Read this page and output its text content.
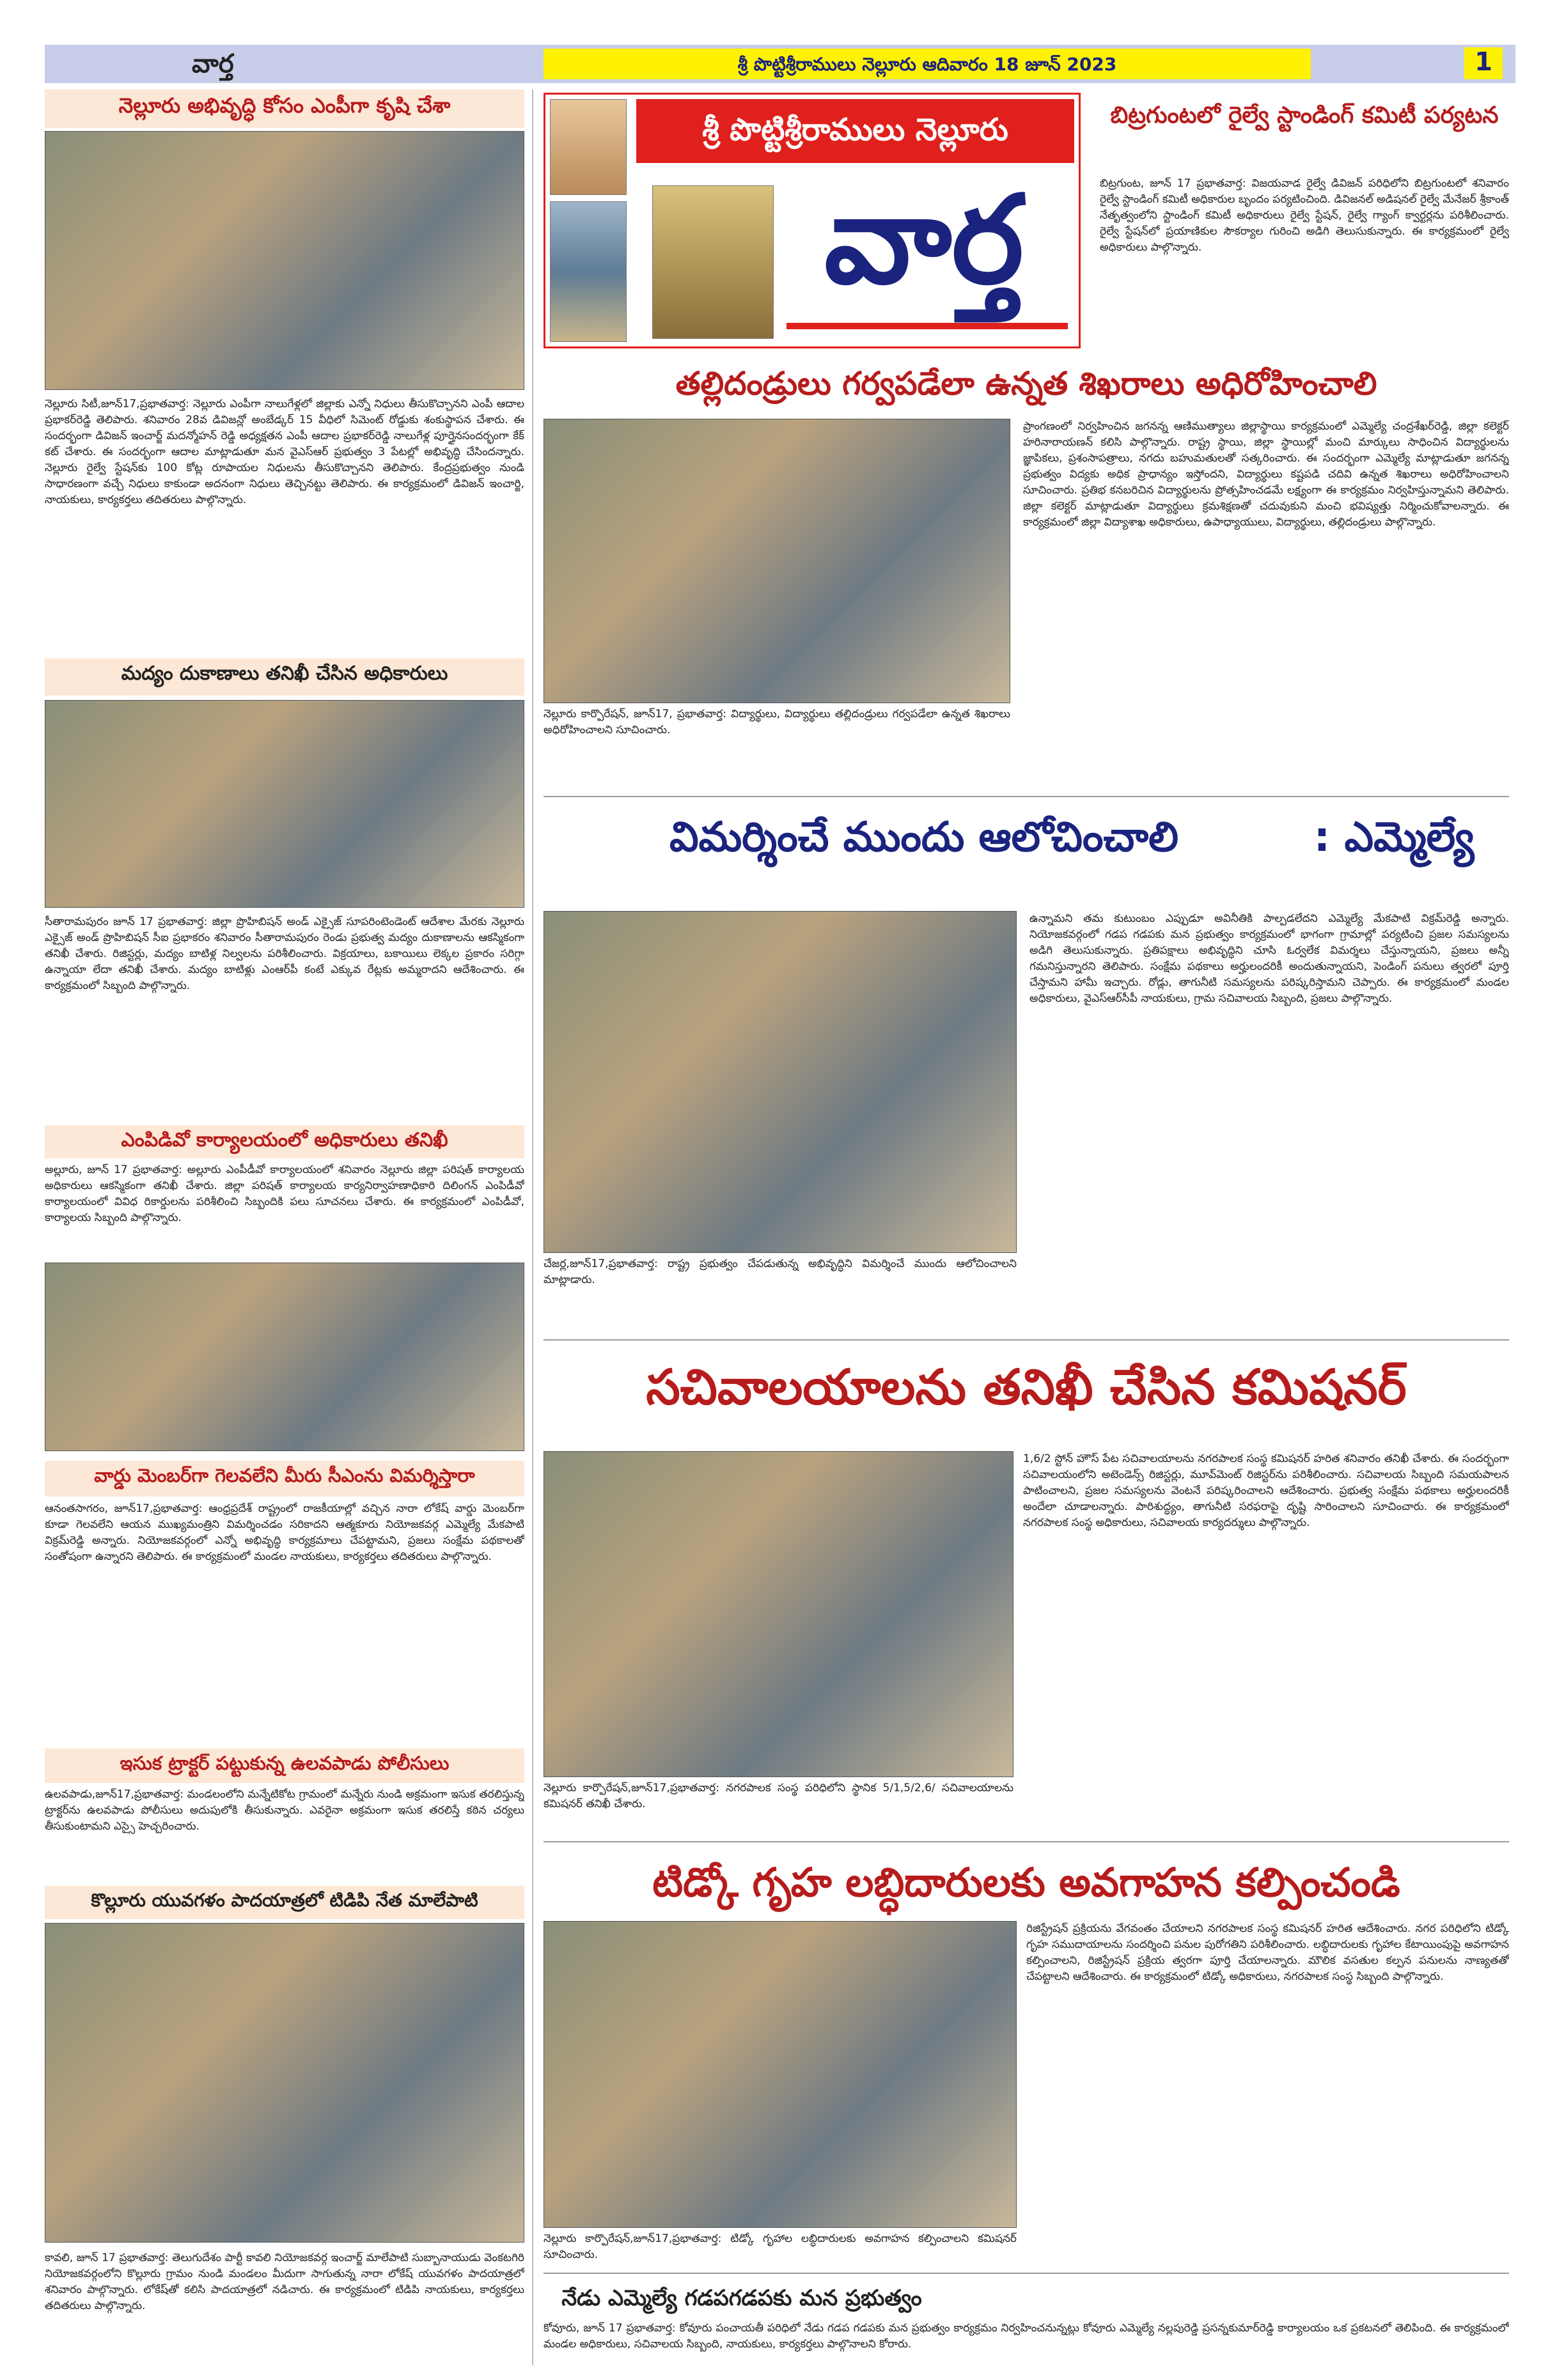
వార్త	శ్రీ పొట్టిశ్రీరాములు నెల్లూరు ఆదివారం 18 జూన్ 2023	1
నెల్లూరు అభివృద్ధి కోసం ఎంపీగా కృషి చేశా
నెల్లూరు సిటీ,జూన్17,ప్రభాతవార్త: నెల్లూరు ఎంపీగా నాలుగేళ్లలో జిల్లాకు ఎన్నో నిధులు తీసుకొచ్చానని ఎంపీ ఆదాల ప్రభాకర్‌రెడ్డి తెలిపారు. శనివారం 28వ డివిజన్లో అంబేడ్కర్ 15 వీధిలో సిమెంట్ రోడ్డుకు శంకుస్థాపన చేశారు. ఈ సందర్భంగా డివిజన్ ఇంచార్జ్ మదన్మోహన్ రెడ్డి అధ్యక్షతన ఎంపీ ఆదాల ప్రభాకర్‌రెడ్డి నాలుగేళ్ల పూర్తైనసందర్భంగా కేక్ కట్ చేశారు. ఈ సందర్భంగా ఆదాల మాట్లాడుతూ మన వైఎస్ఆర్ ప్రభుత్వం 3 పేటల్లో అభివృద్ధి చేసిందన్నారు. నెల్లూరు రైల్వే స్టేషన్‌కు 100 కోట్ల రూపాయల నిధులను తీసుకొచ్చానని తెలిపారు. కేంద్రప్రభుత్వం నుండి సాధారణంగా వచ్చే నిధులు కాకుండా అదనంగా నిధులు తెచ్చినట్టు తెలిపారు. ఈ కార్యక్రమంలో డివిజన్ ఇంచార్జి, నాయకులు, కార్యకర్తలు తదితరులు పాల్గొన్నారు.
మద్యం దుకాణాలు తనిఖీ చేసిన అధికారులు
సీతారామపురం జూన్ 17 ప్రభాతవార్త: జిల్లా ప్రొహిబిషన్ అండ్ ఎక్సైజ్ సూపరింటెండెంట్ ఆదేశాల మేరకు నెల్లూరు ఎక్సైజ్ అండ్ ప్రొహిబిషన్ సీఐ ప్రభాకరం శనివారం సీతారామపురం రెండు ప్రభుత్వ మద్యం దుకాణాలను ఆకస్మికంగా తనిఖీ చేశారు. రిజిస్టర్లు, మద్యం బాటిళ్ల నిల్వలను పరిశీలించారు. విక్రయాలు, బకాయిలు లెక్కల ప్రకారం సరిగ్గా ఉన్నాయా లేదా తనిఖీ చేశారు. మద్యం బాటిళ్లు ఎంఆర్‌పీ కంటే ఎక్కువ రేట్లకు అమ్మరాదని ఆదేశించారు. ఈ కార్యక్రమంలో సిబ్బంది పాల్గొన్నారు.
ఎంపిడివో కార్యాలయంలో అధికారులు తనిఖీ
అల్లూరు, జూన్ 17 ప్రభాతవార్త: అల్లూరు ఎంపీడీవో కార్యాలయంలో శనివారం నెల్లూరు జిల్లా పరిషత్ కార్యాలయ అధికారులు ఆకస్మికంగా తనిఖీ చేశారు. జిల్లా పరిషత్ కార్యాలయ కార్యనిర్వాహణాధికారి దిలింగన్ ఎంపిడీవో కార్యాలయంలో వివిధ రికార్డులను పరిశీలించి సిబ్బందికి పలు సూచనలు చేశారు. ఈ కార్యక్రమంలో ఎంపిడీవో, కార్యాలయ సిబ్బంది పాల్గొన్నారు.
వార్డు మెంబర్‌గా గెలవలేని మీరు సీఎంను విమర్శిస్తారా
ఆనంతసాగరం, జూన్17,ప్రభాతవార్త: ఆంధ్రప్రదేశ్ రాష్ట్రంలో రాజకీయాల్లో వచ్చిన నారా లోకేష్ వార్డు మెంబర్‌గా కూడా గెలవలేని ఆయన ముఖ్యమంత్రిని విమర్శించడం సరికాదని ఆత్మకూరు నియోజకవర్గ ఎమ్మెల్యే మేకపాటి విక్రమ్‌రెడ్డి అన్నారు. నియోజకవర్గంలో ఎన్నో అభివృద్ధి కార్యక్రమాలు చేపట్టామని, ప్రజలు సంక్షేమ పథకాలతో సంతోషంగా ఉన్నారని తెలిపారు. ఈ కార్యక్రమంలో మండల నాయకులు, కార్యకర్తలు తదితరులు పాల్గొన్నారు.
ఇసుక ట్రాక్టర్ పట్టుకున్న ఉలవపాడు పోలీసులు
ఉలవపాడు,జూన్17,ప్రభాతవార్త: మండలంలోని మన్నేటికోట గ్రామంలో మన్నేరు నుండి అక్రమంగా ఇసుక తరలిస్తున్న ట్రాక్టర్‌ను ఉలవపాడు పోలీసులు అదుపులోకి తీసుకున్నారు. ఎవరైనా అక్రమంగా ఇసుక తరలిస్తే కఠిన చర్యలు తీసుకుంటామని ఎస్సై హెచ్చరించారు.
కొల్లూరు యువగళం పాదయాత్రలో టిడిపి నేత మాలేపాటి
కావలి, జూన్ 17 ప్రభాతవార్త: తెలుగుదేశం పార్టీ కావలి నియోజకవర్గ ఇంచార్జ్ మాలేపాటి సుబ్బానాయుడు వెంకటగిరి నియోజకవర్గంలోని కొల్లూరు గ్రామం నుండి మండలం మీదుగా సాగుతున్న నారా లోకేష్ యువగళం పాదయాత్రలో శనివారం పాల్గొన్నారు. లోకేష్‌తో కలిసి పాదయాత్రలో నడిచారు. ఈ కార్యక్రమంలో టిడిపి నాయకులు, కార్యకర్తలు తదితరులు పాల్గొన్నారు.
శ్రీ పొట్టిశ్రీరాములు నెల్లూరు
వార్త
బిట్రగుంటలో రైల్వే స్టాండింగ్ కమిటీ పర్యటన
బిట్రగుంట, జూన్ 17 ప్రభాతవార్త: విజయవాడ రైల్వే డివిజన్ పరిధిలోని బిట్రగుంటలో శనివారం రైల్వే స్టాండింగ్ కమిటీ అధికారుల బృందం పర్యటించింది. డివిజనల్ అడిషనల్ రైల్వే మేనేజర్ శ్రీకాంత్ నేతృత్వంలోని స్టాండింగ్ కమిటీ అధికారులు రైల్వే స్టేషన్, రైల్వే గ్యాంగ్ క్వార్టర్లను పరిశీలించారు. రైల్వే స్టేషన్‌లో ప్రయాణికుల సౌకర్యాల గురించి అడిగి తెలుసుకున్నారు. ఈ కార్యక్రమంలో రైల్వే అధికారులు పాల్గొన్నారు.
తల్లిదండ్రులు గర్వపడేలా ఉన్నత శిఖరాలు అధిరోహించాలి
నెల్లూరు కార్పొరేషన్, జూన్17, ప్రభాతవార్త: విద్యార్థులు, విద్యార్థులు తల్లిదండ్రులు గర్వపడేలా ఉన్నత శిఖరాలు అధిరోహించాలని సూచించారు.
ప్రాంగణంలో నిర్వహించిన జగనన్న ఆణిముత్యాలు జిల్లాస్థాయి కార్యక్రమంలో ఎమ్మెల్యే చంద్రశేఖర్‌రెడ్డి, జిల్లా కలెక్టర్ హరినారాయణన్ కలిసి పాల్గొన్నారు. రాష్ట్ర స్థాయి, జిల్లా స్థాయిల్లో మంచి మార్కులు సాధించిన విద్యార్థులను జ్ఞాపికలు, ప్రశంసాపత్రాలు, నగదు బహుమతులతో సత్కరించారు. ఈ సందర్భంగా ఎమ్మెల్యే మాట్లాడుతూ జగనన్న ప్రభుత్వం విద్యకు అధిక ప్రాధాన్యం ఇస్తోందని, విద్యార్థులు కష్టపడి చదివి ఉన్నత శిఖరాలు అధిరోహించాలని సూచించారు. ప్రతిభ కనబరిచిన విద్యార్థులను ప్రోత్సహించడమే లక్ష్యంగా ఈ కార్యక్రమం నిర్వహిస్తున్నామని తెలిపారు. జిల్లా కలెక్టర్ మాట్లాడుతూ విద్యార్థులు క్రమశిక్షణతో చదువుకుని మంచి భవిష్యత్తు నిర్మించుకోవాలన్నారు. ఈ కార్యక్రమంలో జిల్లా విద్యాశాఖ అధికారులు, ఉపాధ్యాయులు, విద్యార్థులు, తల్లిదండ్రులు పాల్గొన్నారు.
విమర్శించే ముందు ఆలోచించాలి	: ఎమ్మెల్యే
చేజర్ల,జూన్17,ప్రభాతవార్త: రాష్ట్ర ప్రభుత్వం చేపడుతున్న అభివృద్ధిని విమర్శించే ముందు ఆలోచించాలని మాట్లాడారు.
ఉన్నామని తమ కుటుంబం ఎప్పుడూ అవినీతికి పాల్పడలేదని ఎమ్మెల్యే మేకపాటి విక్రమ్‌రెడ్డి అన్నారు. నియోజకవర్గంలో గడప గడపకు మన ప్రభుత్వం కార్యక్రమంలో భాగంగా గ్రామాల్లో పర్యటించి ప్రజల సమస్యలను అడిగి తెలుసుకున్నారు. ప్రతిపక్షాలు అభివృద్ధిని చూసి ఓర్వలేక విమర్శలు చేస్తున్నాయని, ప్రజలు అన్నీ గమనిస్తున్నారని తెలిపారు. సంక్షేమ పథకాలు అర్హులందరికీ అందుతున్నాయని, పెండింగ్ పనులు త్వరలో పూర్తి చేస్తామని హామీ ఇచ్చారు. రోడ్లు, తాగునీటి సమస్యలను పరిష్కరిస్తామని చెప్పారు. ఈ కార్యక్రమంలో మండల అధికారులు, వైఎస్ఆర్‌సీపీ నాయకులు, గ్రామ సచివాలయ సిబ్బంది, ప్రజలు పాల్గొన్నారు.
సచివాలయాలను తనిఖీ చేసిన కమిషనర్
నెల్లూరు కార్పొరేషన్,జూన్17,ప్రభాతవార్త: నగరపాలక సంస్థ పరిధిలోని స్థానిక 5/1,5/2,6/ సచివాలయాలను కమిషనర్ తనిఖీ చేశారు.
1,6/2 స్టోన్ హౌస్ పేట సచివాలయాలను నగరపాలక సంస్థ కమిషనర్ హరిత శనివారం తనిఖీ చేశారు. ఈ సందర్భంగా సచివాలయంలోని అటెండెన్స్ రిజిస్టర్లు, మూవ్‌మెంట్ రిజిస్టర్‌ను పరిశీలించారు. సచివాలయ సిబ్బంది సమయపాలన పాటించాలని, ప్రజల సమస్యలను వెంటనే పరిష్కరించాలని ఆదేశించారు. ప్రభుత్వ సంక్షేమ పథకాలు అర్హులందరికీ అందేలా చూడాలన్నారు. పారిశుద్ధ్యం, తాగునీటి సరఫరాపై దృష్టి సారించాలని సూచించారు. ఈ కార్యక్రమంలో నగరపాలక సంస్థ అధికారులు, సచివాలయ కార్యదర్శులు పాల్గొన్నారు.
టిడ్కో గృహ లబ్ధిదారులకు అవగాహన కల్పించండి
నెల్లూరు కార్పొరేషన్,జూన్17,ప్రభాతవార్త: టిడ్కో గృహాల లబ్ధిదారులకు అవగాహన కల్పించాలని కమిషనర్ సూచించారు.
రిజిస్ట్రేషన్ ప్రక్రియను వేగవంతం చేయాలని నగరపాలక సంస్థ కమిషనర్ హరిత ఆదేశించారు. నగర పరిధిలోని టిడ్కో గృహ సముదాయాలను సందర్శించి పనుల పురోగతిని పరిశీలించారు. లబ్ధిదారులకు గృహాల కేటాయింపుపై అవగాహన కల్పించాలని, రిజిస్ట్రేషన్ ప్రక్రియ త్వరగా పూర్తి చేయాలన్నారు. మౌలిక వసతుల కల్పన పనులను నాణ్యతతో చేపట్టాలని ఆదేశించారు. ఈ కార్యక్రమంలో టిడ్కో అధికారులు, నగరపాలక సంస్థ సిబ్బంది పాల్గొన్నారు.
నేడు ఎమ్మెల్యే గడపగడపకు మన ప్రభుత్వం
కోవూరు, జూన్ 17 ప్రభాతవార్త: కోవూరు పంచాయతీ పరిధిలో నేడు గడప గడపకు మన ప్రభుత్వం కార్యక్రమం నిర్వహించనున్నట్లు కోవూరు ఎమ్మెల్యే నల్లపురెడ్డి ప్రసన్నకుమార్‌రెడ్డి కార్యాలయం ఒక ప్రకటనలో తెలిపింది. ఈ కార్యక్రమంలో మండల అధికారులు, సచివాలయ సిబ్బంది, నాయకులు, కార్యకర్తలు పాల్గొనాలని కోరారు.
